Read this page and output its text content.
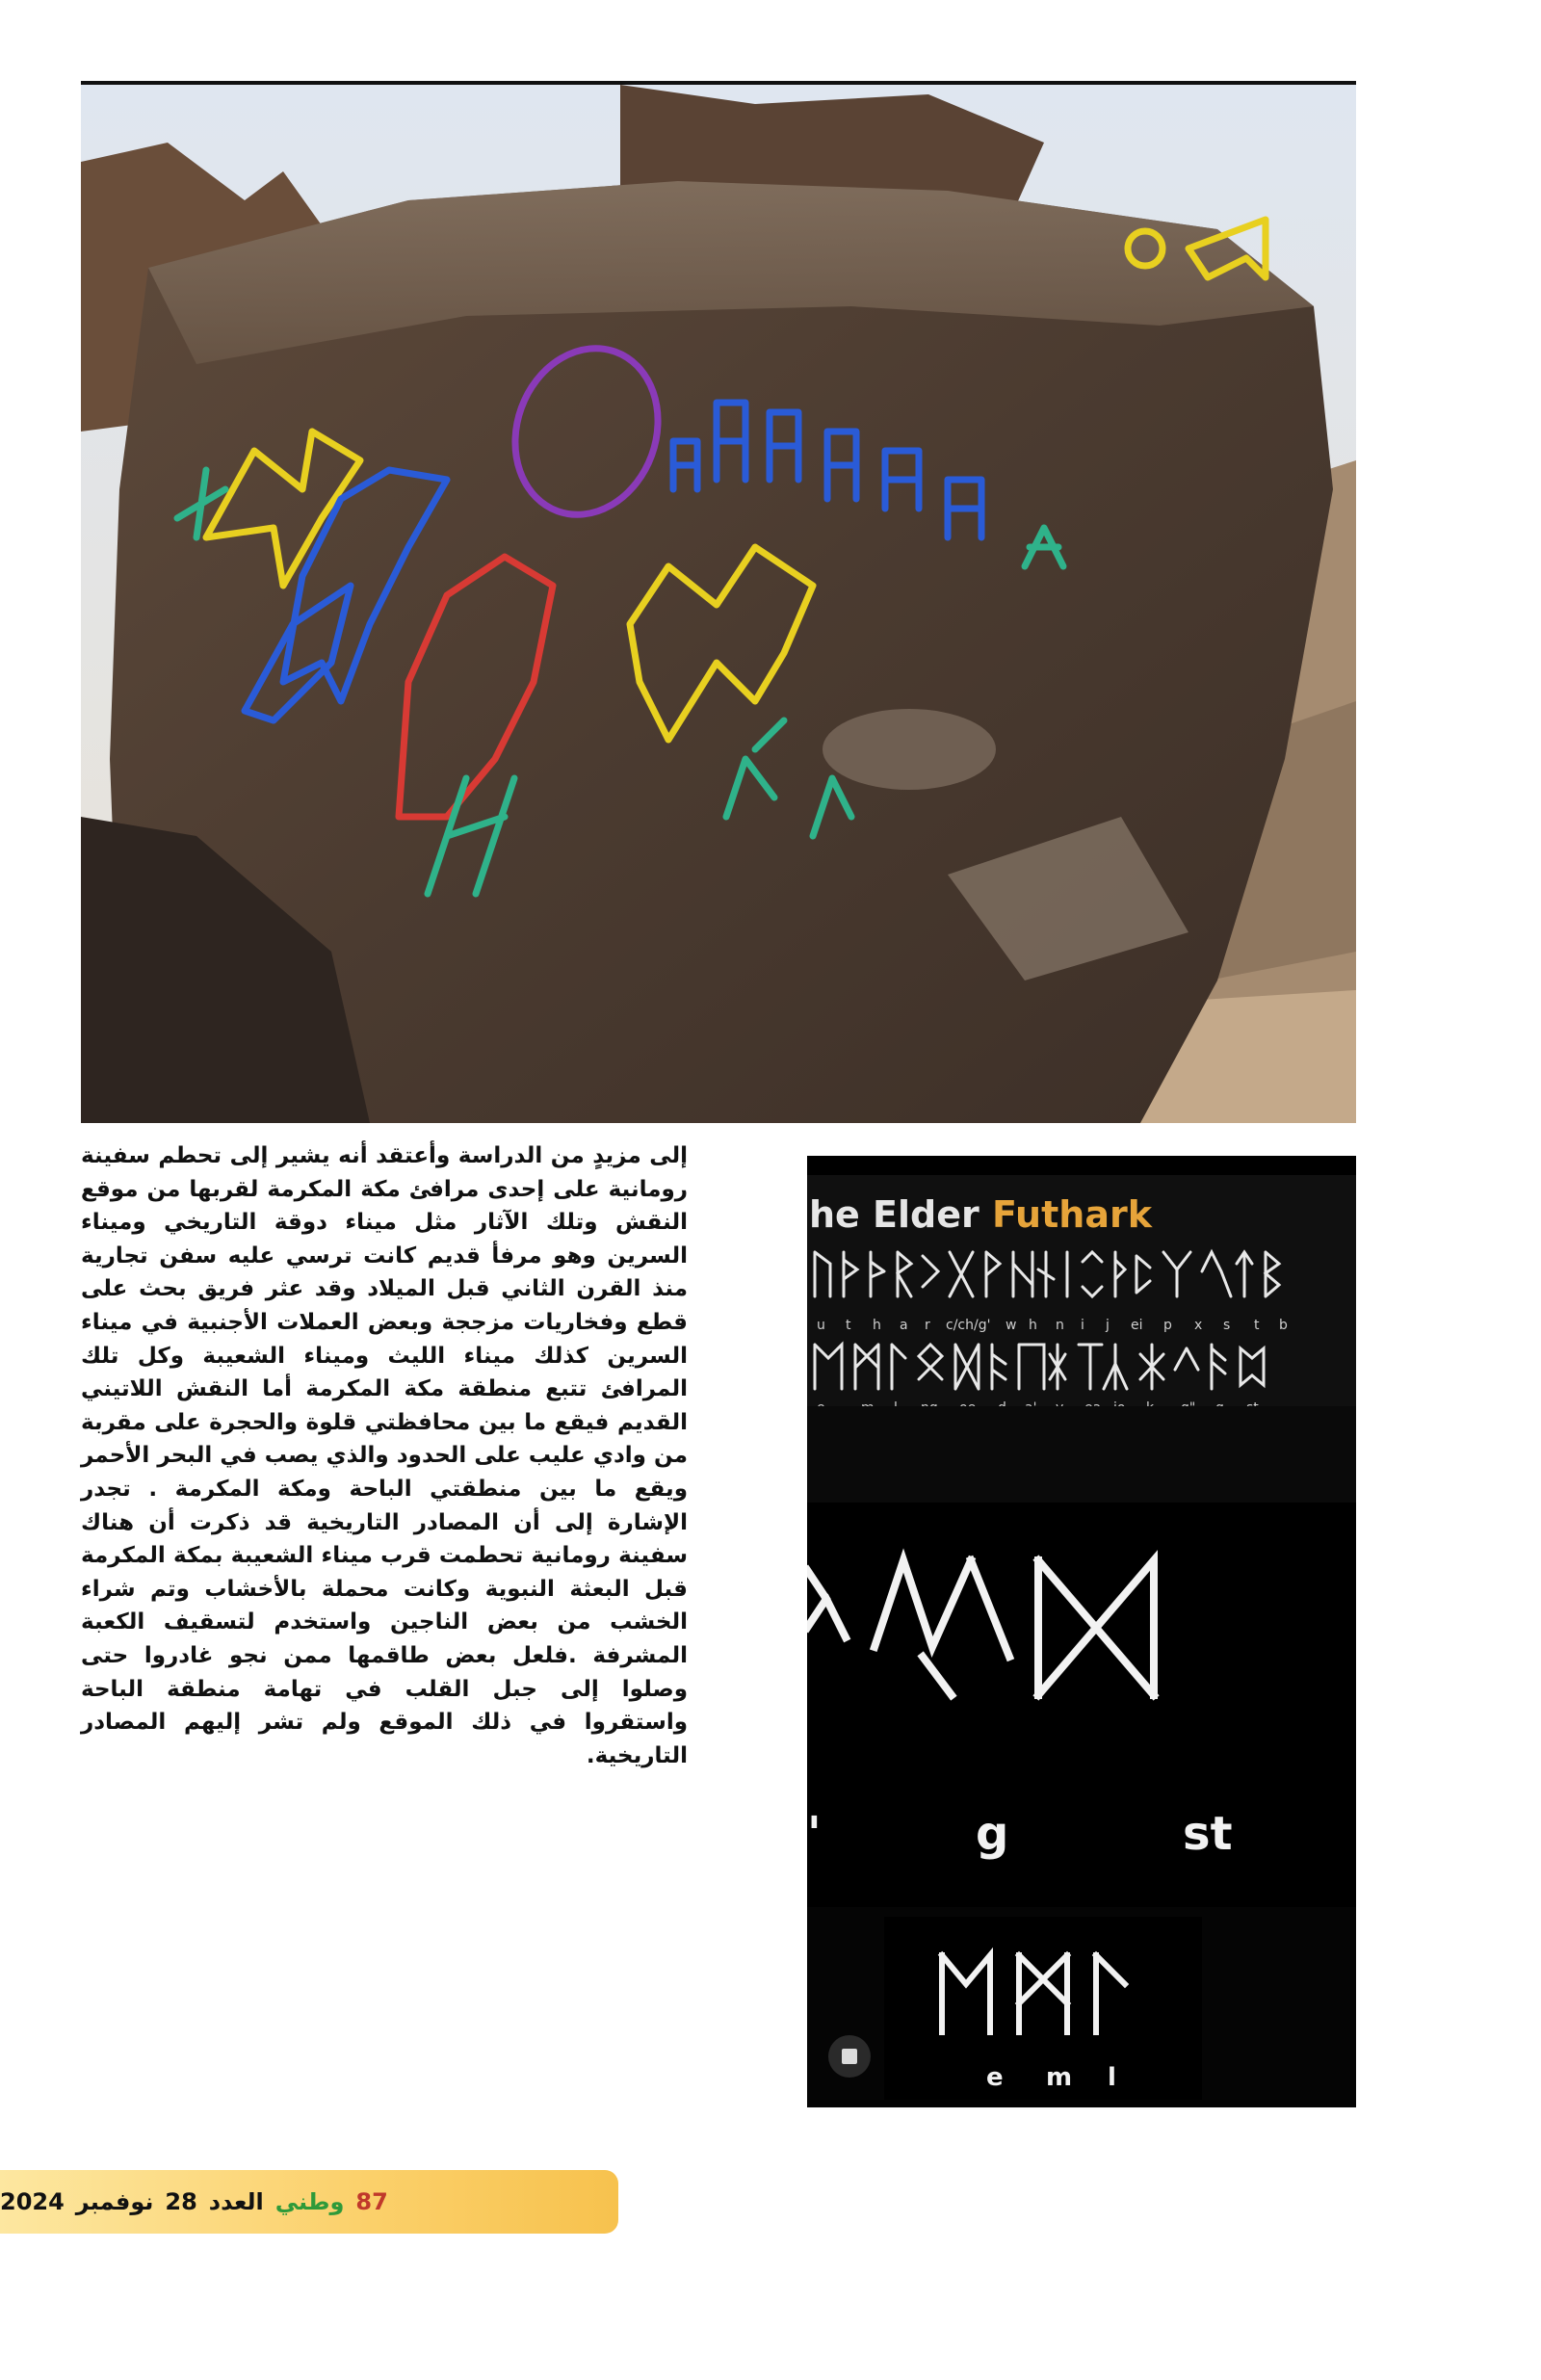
إلى مزيدٍ من الدراسة وأعتقد أنه يشير إلى تحطم سفينة رومانية على إحدى مرافئ مكة المكرمة لقربها من موقع النقش وتلك الآثار مثل ميناء دوقة التاريخي وميناء السرين وهو مرفأ قديم كانت ترسي عليه سفن تجارية منذ القرن الثاني قبل الميلاد وقد عثر فريق بحث على قطع وفخاريات مزججة وبعض العملات الأجنبية في ميناء السرين كذلك ميناء الليث وميناء الشعيبة وكل تلك المرافئ تتبع منطقة مكة المكرمة أما النقش اللاتيني القديم فيقع ما بين محافظتي قلوة والحجرة على مقربة من وادي عليب على الحدود والذي يصب في البحر الأحمر ويقع ما بين منطقتي الباحة ومكة المكرمة . تجدر الإشارة إلى أن المصادر التاريخية قد ذكرت أن هناك سفينة رومانية تحطمت قرب ميناء الشعيبة بمكة المكرمة قبل البعثة النبوية وكانت محملة بالأخشاب وتم شراء الخشب من بعض الناجين واستخدم لتسقيف الكعبة المشرفة .فلعل بعض طاقمها ممن نجو غادروا حتى وصلوا إلى جبل القلب في تهامة منطقة الباحة واستقروا في ذلك الموقع ولم تشر إليهم المصادر التاريخية.

he Elder Futhark
u t h a r c/ch/g' w h n i j ei p x s t b
'	g	st
e m l
87
وطني
العدد
28
نوفمبر
2024
